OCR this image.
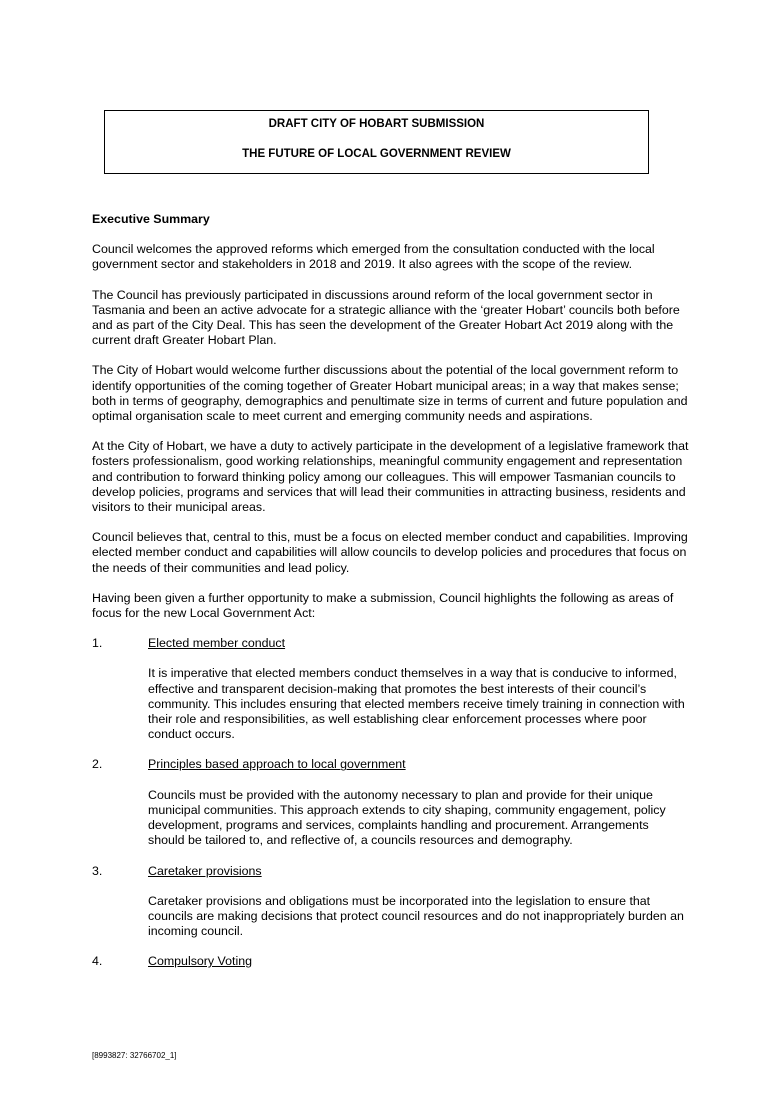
DRAFT CITY OF HOBART SUBMISSION
THE FUTURE OF LOCAL GOVERNMENT REVIEW
Executive Summary

Council welcomes the approved reforms which emerged from the consultation conducted with the local government sector and stakeholders in 2018 and 2019. It also agrees with the scope of the review.

The Council has previously participated in discussions around reform of the local government sector in Tasmania and been an active advocate for a strategic alliance with the ‘greater Hobart’ councils both before and as part of the City Deal. This has seen the development of the Greater Hobart Act 2019 along with the current draft Greater Hobart Plan.

The City of Hobart would welcome further discussions about the potential of the local government reform to identify opportunities of the coming together of Greater Hobart municipal areas; in a way that makes sense; both in terms of geography, demographics and penultimate size in terms of current and future population and optimal organisation scale to meet current and emerging community needs and aspirations.

At the City of Hobart, we have a duty to actively participate in the development of a legislative framework that fosters professionalism, good working relationships, meaningful community engagement and representation and contribution to forward thinking policy among our colleagues. This will empower Tasmanian councils to develop policies, programs and services that will lead their communities in attracting business, residents and visitors to their municipal areas.

Council believes that, central to this, must be a focus on elected member conduct and capabilities. Improving elected member conduct and capabilities will allow councils to develop policies and procedures that focus on the needs of their communities and lead policy.

Having been given a further opportunity to make a submission, Council highlights the following as areas of focus for the new Local Government Act:

1.	Elected member conduct
It is imperative that elected members conduct themselves in a way that is conducive to informed, effective and transparent decision-making that promotes the best interests of their council’s community. This includes ensuring that elected members receive timely training in connection with their role and responsibilities, as well establishing clear enforcement processes where poor conduct occurs.
2.	Principles based approach to local government
Councils must be provided with the autonomy necessary to plan and provide for their unique municipal communities. This approach extends to city shaping, community engagement, policy development, programs and services, complaints handling and procurement. Arrangements should be tailored to, and reflective of, a councils resources and demography.
3.	Caretaker provisions
Caretaker provisions and obligations must be incorporated into the legislation to ensure that councils are making decisions that protect council resources and do not inappropriately burden an incoming council.
4.	Compulsory Voting
[8993827: 32766702_1]
